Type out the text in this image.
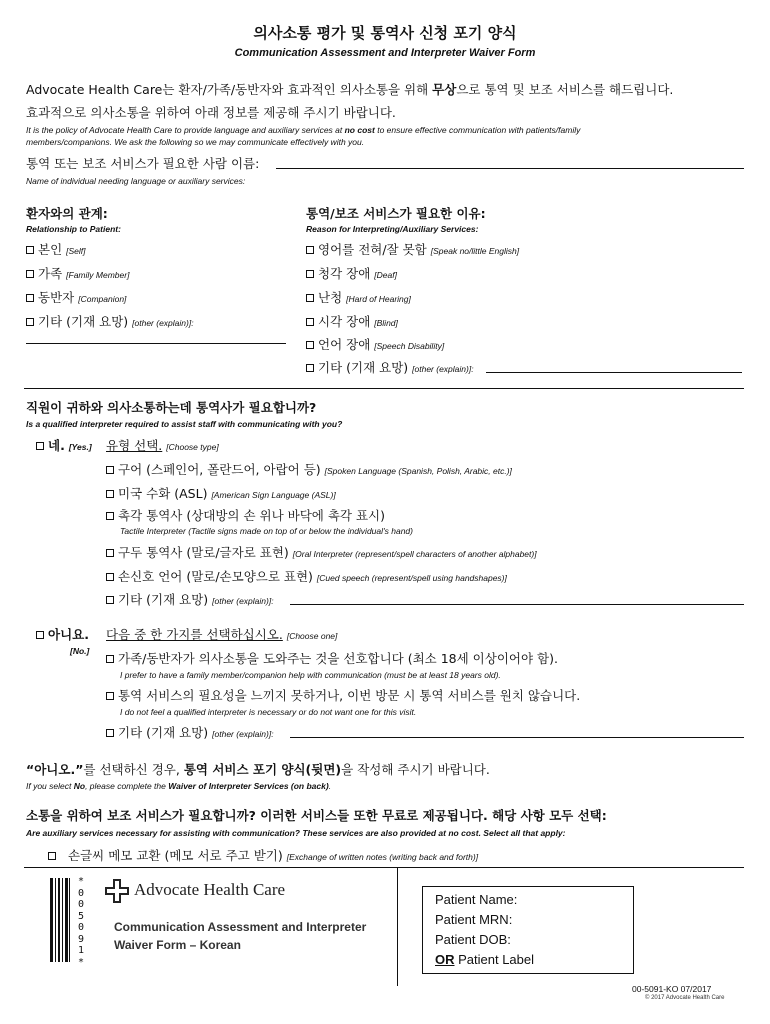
의사소통 평가 및 통역사 신청 포기 양식
Communication Assessment and Interpreter Waiver Form
Advocate Health Care는 환자/가족/동반자와 효과적인 의사소통을 위해 무상으로 통역 및 보조 서비스를 해드립니다.
효과적으로 의사소통을 위하여 아래 정보를 제공해 주시기 바랍니다.
It is the policy of Advocate Health Care to provide language and auxiliary services at no cost to ensure effective communication with patients/family
members/companions. We ask the following so we may communicate effectively with you.
통역 또는 보조 서비스가 필요한 사람 이름:
Name of individual needing language or auxiliary services:
환자와의 관계:
Relationship to Patient:
본인 [Self]
가족 [Family Member]
동반자 [Companion]
기타 (기재 요망) [other (explain)]:
통역/보조 서비스가 필요한 이유:
Reason for Interpreting/Auxiliary Services:
영어를 전혀/잘 못함 [Speak no/little English]
청각 장애 [Deaf]
난청 [Hard of Hearing]
시각 장애 [Blind]
언어 장애 [Speech Disability]
기타 (기재 요망) [other (explain)]:
직원이 귀하와 의사소통하는데 통역사가 필요합니까?
Is a qualified interpreter required to assist staff with communicating with you?
네. [Yes.] 유형 선택. [Choose type]
구어 (스페인어, 폴란드어, 아랍어 등) [Spoken Language (Spanish, Polish, Arabic, etc.)]
미국 수화 (ASL) [American Sign Language (ASL)]
촉각 통역사 (상대방의 손 위나 바닥에 촉각 표시)
Tactile Interpreter (Tactile signs made on top of or below the individual's hand)
구두 통역사 (말로/글자로 표현) [Oral Interpreter (represent/spell characters of another alphabet)]
손신호 언어 (말로/손모양으로 표현) [Cued speech (represent/spell using handshapes)]
기타 (기재 요망) [other (explain)]:
아니요.
[No.]
다음 중 한 가지를 선택하십시오. [Choose one]
가족/동반자가 의사소통을 도와주는 것을 선호합니다 (최소 18세 이상이어야 함).
I prefer to have a family member/companion help with communication (must be at least 18 years old).
통역 서비스의 필요성을 느끼지 못하거나, 이번 방문 시 통역 서비스를 원치 않습니다.
I do not feel a qualified interpreter is necessary or do not want one for this visit.
기타 (기재 요망) [other (explain)]:
“아니오.”를 선택하신 경우, 통역 서비스 포기 양식(뒷면)을 작성해 주시기 바랍니다.
If you select No, please complete the Waiver of Interpreter Services (on back).
소통을 위하여 보조 서비스가 필요합니까? 이러한 서비스들 또한 무료로 제공됩니다. 해당 사항 모두 선택:
Are auxiliary services necessary for assisting with communication? These services are also provided at no cost. Select all that apply:
손글씨 메모 교환 (메모 서로 주고 받기) [Exchange of written notes (writing back and forth)]
* 0 0 5 0 9 1 *
Advocate Health Care
Communication Assessment and Interpreter
Waiver Form – Korean
Patient Name:
Patient MRN:
Patient DOB:
OR Patient Label
00-5091-KO 07/2017
© 2017 Advocate Health Care
